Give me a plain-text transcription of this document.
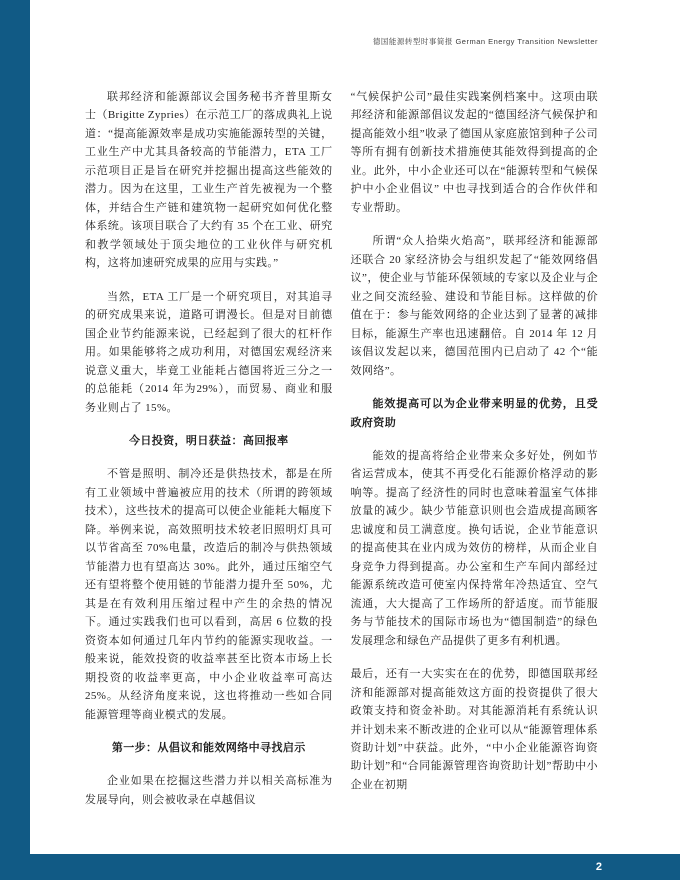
德国能源转型时事简报 German Energy Transition Newsletter

联邦经济和能源部议会国务秘书齐普里斯女士（Brigitte Zypries）在示范工厂的落成典礼上说道：“提高能源效率是成功实施能源转型的关键，工业生产中尤其具备较高的节能潜力，ETA 工厂示范项目正是旨在研究并挖掘出提高这些能效的潜力。因为在这里，工业生产首先被视为一个整体，并结合生产链和建筑物一起研究如何优化整体系统。该项目联合了大约有 35 个在工业、研究和教学领域处于顶尖地位的工业伙伴与研究机构，这将加速研究成果的应用与实践。”

当然，ETA 工厂是一个研究项目，对其追寻的研究成果来说，道路可谓漫长。但是对目前德国企业节约能源来说，已经起到了很大的杠杆作用。如果能够将之成功利用，对德国宏观经济来说意义重大，毕竟工业能耗占德国将近三分之一的总能耗（2014 年为29%），而贸易、商业和服务业则占了 15%。

今日投资，明日获益：高回报率

不管是照明、制冷还是供热技术，都是在所有工业领域中普遍被应用的技术（所谓的跨领域技术），这些技术的提高可以使企业能耗大幅度下降。举例来说，高效照明技术较老旧照明灯具可以节省高至 70%电量，改造后的制冷与供热领域节能潜力也有望高达 30%。此外，通过压缩空气还有望将整个使用链的节能潜力提升至 50%，尤其是在有效利用压缩过程中产生的余热的情况下。通过实践我们也可以看到，高居 6 位数的投资资本如何通过几年内节约的能源实现收益。一般来说，能效投资的收益率甚至比资本市场上长期投资的收益率更高，中小企业收益率可高达 25%。从经济角度来说，这也将推动一些如合同能源管理等商业模式的发展。

第一步：从倡议和能效网络中寻找启示

企业如果在挖掘这些潜力并以相关高标准为发展导向，则会被收录在卓越倡议

“气候保护公司”最佳实践案例档案中。这项由联邦经济和能源部倡议发起的“德国经济气候保护和提高能效小组”收录了德国从家庭旅馆到种子公司等所有拥有创新技术措施使其能效得到提高的企业。此外，中小企业还可以在“能源转型和气候保护中小企业倡议” 中也寻找到适合的合作伙伴和专业帮助。

所谓“众人拾柴火焰高”，联邦经济和能源部还联合 20 家经济协会与组织发起了“能效网络倡议”，使企业与节能环保领域的专家以及企业与企业之间交流经验、建设和节能目标。这样做的价值在于：参与能效网络的企业达到了显著的减排目标，能源生产率也迅速翻倍。自 2014 年 12 月该倡议发起以来，德国范围内已启动了 42 个“能效网络”。

能效提高可以为企业带来明显的优势，且受政府资助

能效的提高将给企业带来众多好处，例如节省运营成本，使其不再受化石能源价格浮动的影响等。提高了经济性的同时也意味着温室气体排放量的减少。缺少节能意识则也会造成提高顾客忠诚度和员工满意度。换句话说，企业节能意识的提高使其在业内成为效仿的榜样，从而企业自身竞争力得到提高。办公室和生产车间内部经过能源系统改造可使室内保持常年冷热适宜、空气流通，大大提高了工作场所的舒适度。而节能服务与节能技术的国际市场也为“德国制造”的绿色发展理念和绿色产品提供了更多有利机遇。

最后，还有一大实实在在的优势，即德国联邦经济和能源部对提高能效这方面的投资提供了很大政策支持和资金补助。对其能源消耗有系统认识并计划未来不断改进的企业可以从“能源管理体系资助计划”中获益。此外，“中小企业能源咨询资助计划”和“合同能源管理咨询资助计划”帮助中小企业在初期

2
